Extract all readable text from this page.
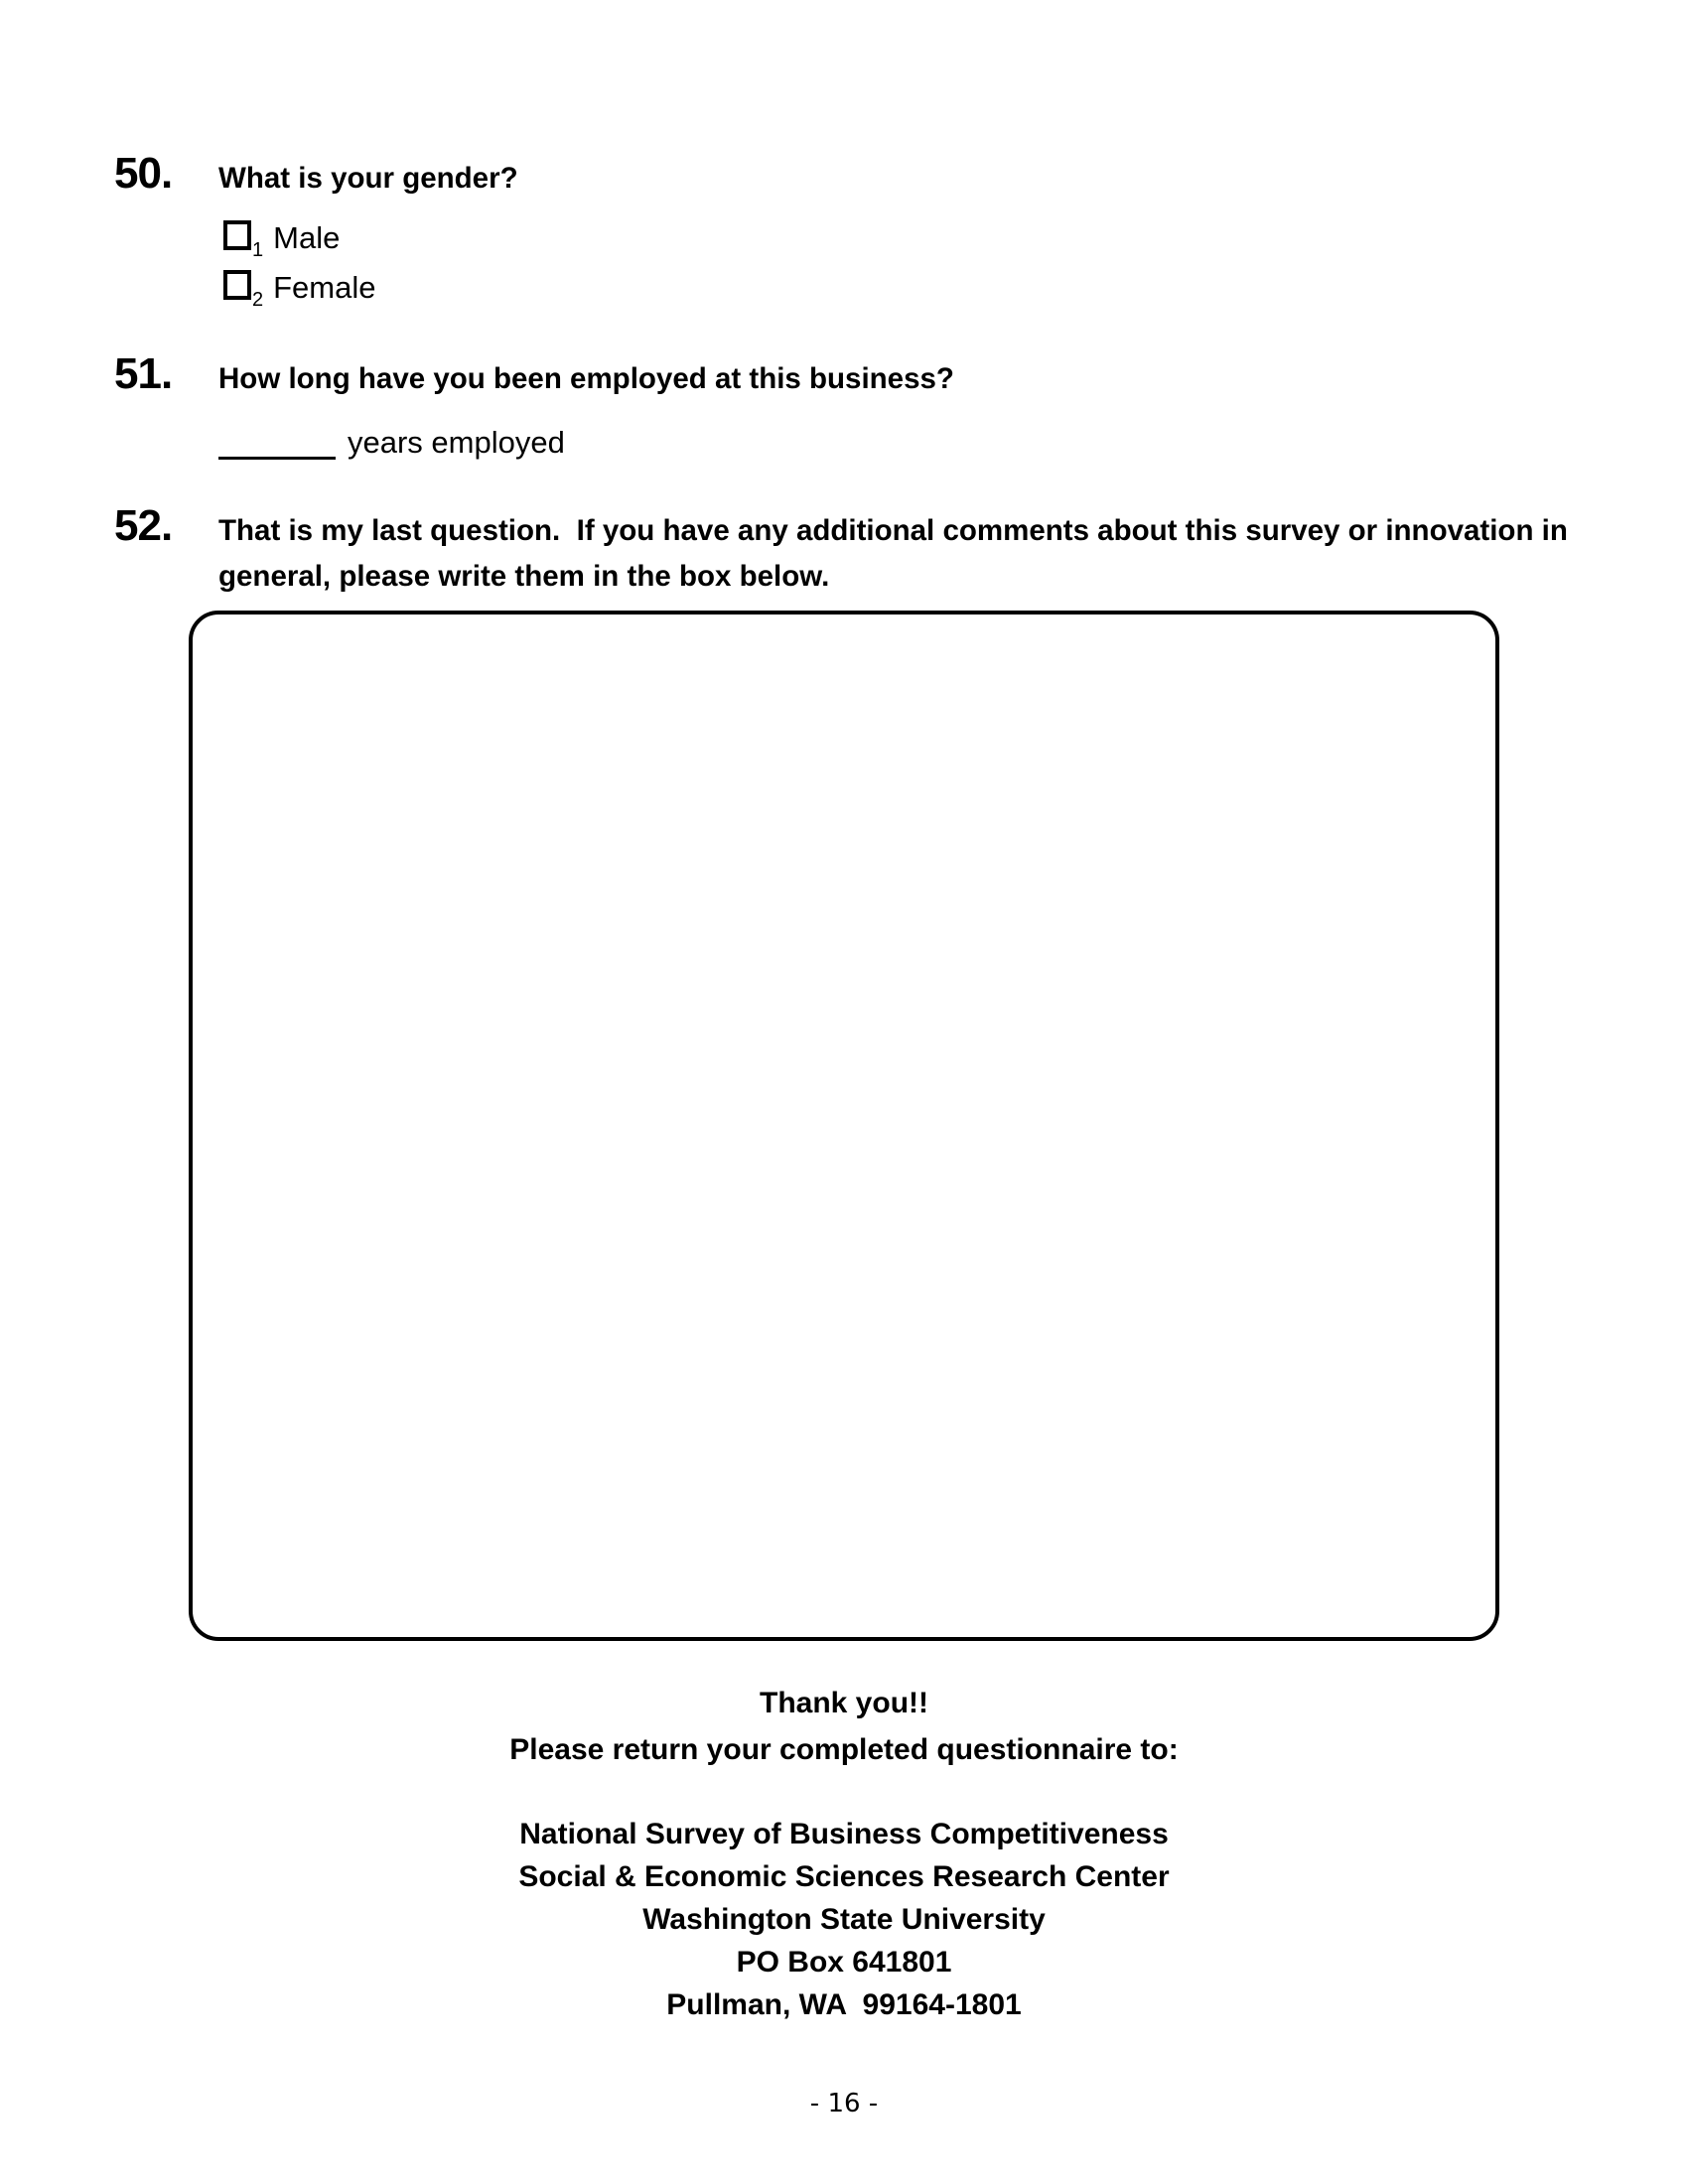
50.	What is your gender?
$_1$ Male
$_2$ Female
51.	How long have you been employed at this business?
years employed
52.	That is my last question.  If you have any additional comments about this survey or innovation in general, please write them in the box below.
Thank you!!
Please return your completed questionnaire to:
National Survey of Business Competitiveness
Social & Economic Sciences Research Center
Washington State University
PO Box 641801
Pullman, WA  99164-1801
- 16 -
